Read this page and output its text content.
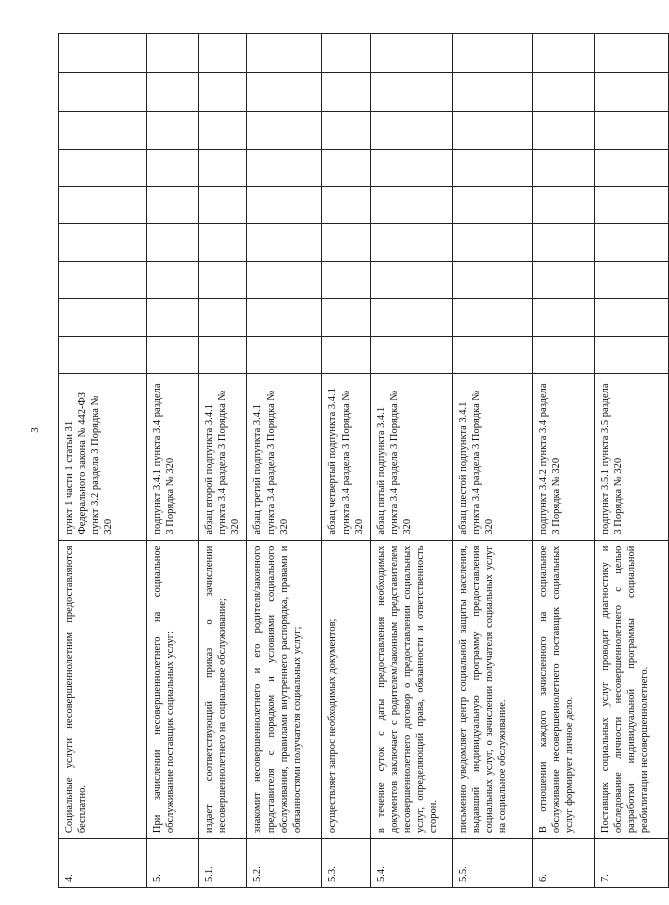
3
4.	Социальные услуги несовершеннолетним предоставляются бесплатно.	пункт 1 части 1 статьи 31 Федерального закона № 442-ФЗ пункт 3.2 раздела 3 Порядка № 320									
5.	При зачислении несовершеннолетнего на социальное обслуживание поставщик социальных услуг:	подпункт 3.4.1 пункта 3.4 раздела 3 Порядка № 320									
5.1.	издает соответствующий приказ о зачислении несовершеннолетнего на социальное обслуживание;	абзац второй подпункта 3.4.1 пункта 3.4 раздела 3 Порядка № 320									
5.2.	знакомит несовершеннолетнего и его родителя/законного представителя с порядком и условиями социального обслуживания, правилами внутреннего распорядка, правами и обязанностями получателя социальных услуг;	абзац третий подпункта 3.4.1 пункта 3.4 раздела 3 Порядка № 320									
5.3.	осуществляет запрос необходимых документов;	абзац четвертый подпункта 3.4.1 пункта 3.4 раздела 3 Порядка № 320									
5.4.	в течение суток с даты предоставления необходимых документов заключает с родителем/законным представителем несовершеннолетнего договор о предоставлении социальных услуг, определяющий права, обязанности и ответственность сторон.	абзац пятый подпункта 3.4.1 пункта 3.4 раздела 3 Порядка № 320									
5.5.	письменно уведомляет центр социальной защиты населения, выдавший индивидуальную программу предоставления социальных услуг, о зачислении получателя социальных услуг на социальное обслуживание.	абзац шестой подпункта 3.4.1 пункта 3.4 раздела 3 Порядка № 320									
6.	В отношении каждого зачисленного на социальное обслуживание несовершеннолетнего поставщик социальных услуг формирует личное дело.	подпункт 3.4.2 пункта 3.4 раздела 3 Порядка № 320									
7.	Поставщик социальных услуг проводит диагностику и обследование личности несовершеннолетнего с целью разработки индивидуальной программы социальной реабилитации несовершеннолетнего.	подпункт 3.5.1 пункта 3.5 раздела 3 Порядка № 320									
